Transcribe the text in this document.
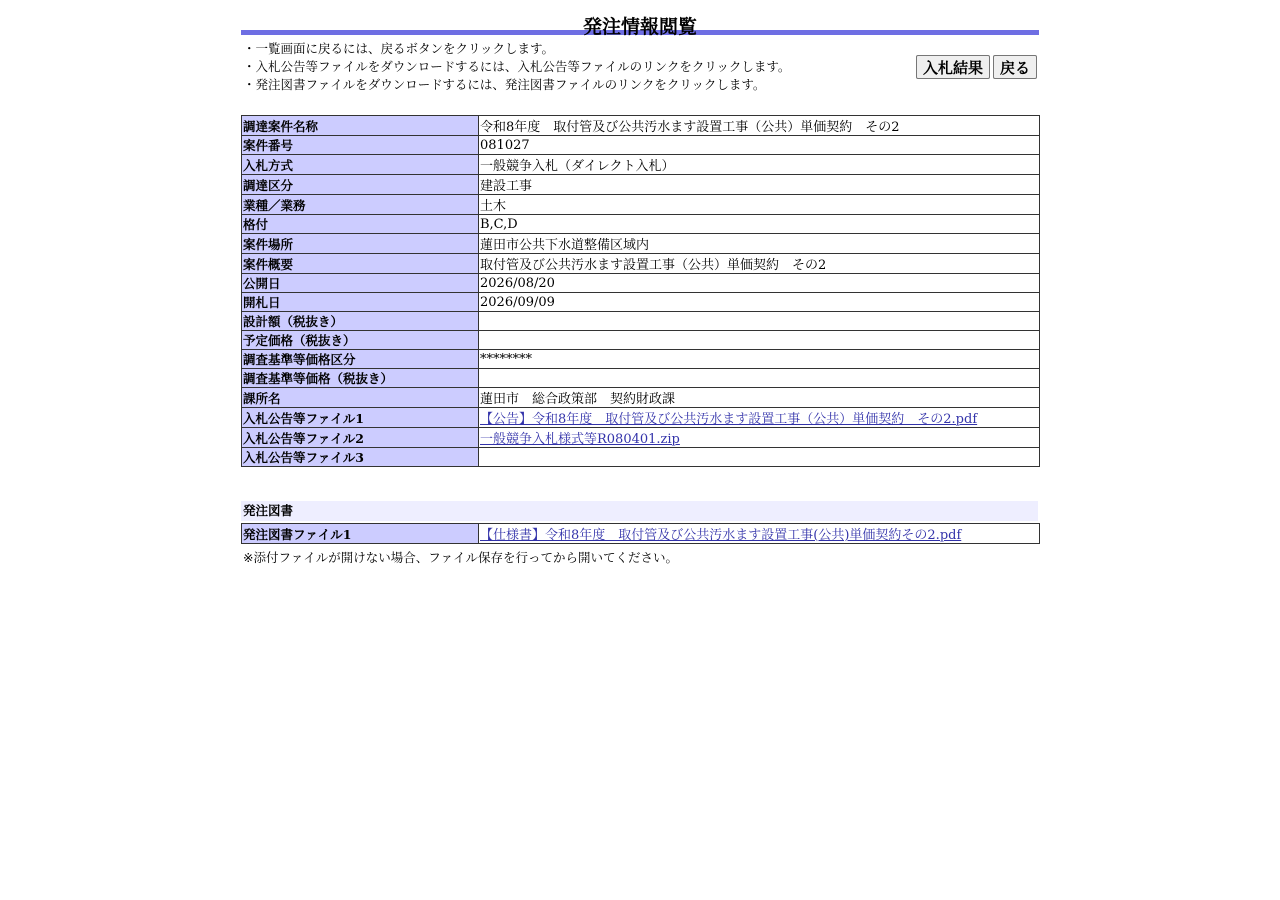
発注情報閲覧
・一覧画面に戻るには、戻るボタンをクリックします。
・入札公告等ファイルをダウンロードするには、入札公告等ファイルのリンクをクリックします。
・発注図書ファイルをダウンロードするには、発注図書ファイルのリンクをクリックします。
入札結果	戻る
調達案件名称	令和8年度　取付管及び公共汚水ます設置工事（公共）単価契約　その2
案件番号	081027
入札方式	一般競争入札（ダイレクト入札）
調達区分	建設工事
業種／業務	土木
格付	B,C,D
案件場所	蓮田市公共下水道整備区域内
案件概要	取付管及び公共汚水ます設置工事（公共）単価契約　その2
公開日	2026/08/20
開札日	2026/09/09
設計額（税抜き）	
予定価格（税抜き）	
調査基準等価格区分	********
調査基準等価格（税抜き）	
課所名	蓮田市　総合政策部　契約財政課
入札公告等ファイル1	【公告】令和8年度　取付管及び公共汚水ます設置工事（公共）単価契約　その2.pdf
入札公告等ファイル2	一般競争入札様式等R080401.zip
入札公告等ファイル3	
発注図書
発注図書ファイル1	【仕様書】令和8年度　取付管及び公共汚水ます設置工事(公共)単価契約その2.pdf
※添付ファイルが開けない場合、ファイル保存を行ってから開いてください。
